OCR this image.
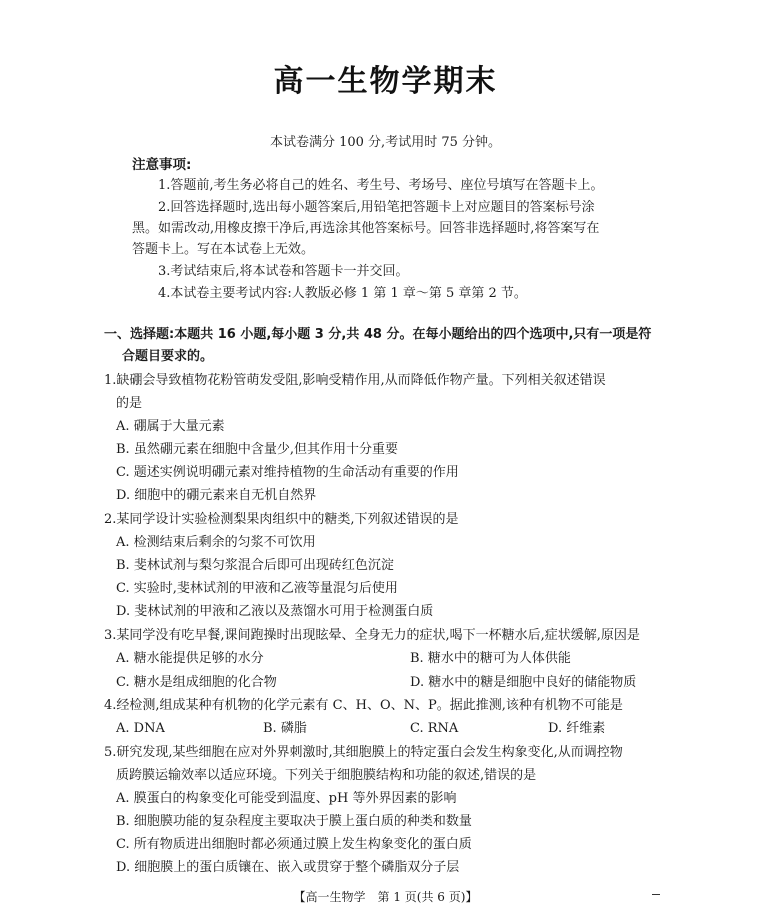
高一生物学期末
本试卷满分 100 分,考试用时 75 分钟。
注意事项:
1.答题前,考生务必将自己的姓名、考生号、考场号、座位号填写在答题卡上。
2.回答选择题时,选出每小题答案后,用铅笔把答题卡上对应题目的答案标号涂
黑。如需改动,用橡皮擦干净后,再选涂其他答案标号。回答非选择题时,将答案写在
答题卡上。写在本试卷上无效。
3.考试结束后,将本试卷和答题卡一并交回。
4.本试卷主要考试内容:人教版必修 1 第 1 章～第 5 章第 2 节。
一、选择题:本题共 16 小题,每小题 3 分,共 48 分。在每小题给出的四个选项中,只有一项是符
合题目要求的。
1.缺硼会导致植物花粉管萌发受阻,影响受精作用,从而降低作物产量。下列相关叙述错误
的是
A. 硼属于大量元素
B. 虽然硼元素在细胞中含量少,但其作用十分重要
C. 题述实例说明硼元素对维持植物的生命活动有重要的作用
D. 细胞中的硼元素来自无机自然界
2.某同学设计实验检测梨果肉组织中的糖类,下列叙述错误的是
A. 检测结束后剩余的匀浆不可饮用
B. 斐林试剂与梨匀浆混合后即可出现砖红色沉淀
C. 实验时,斐林试剂的甲液和乙液等量混匀后使用
D. 斐林试剂的甲液和乙液以及蒸馏水可用于检测蛋白质
3.某同学没有吃早餐,课间跑操时出现眩晕、全身无力的症状,喝下一杯糖水后,症状缓解,原因是
A. 糖水能提供足够的水分	B. 糖水中的糖可为人体供能
C. 糖水是组成细胞的化合物	D. 糖水中的糖是细胞中良好的储能物质
4.经检测,组成某种有机物的化学元素有 C、H、O、N、P。据此推测,该种有机物不可能是
A. DNA	B. 磷脂	C. RNA	D. 纤维素
5.研究发现,某些细胞在应对外界刺激时,其细胞膜上的特定蛋白会发生构象变化,从而调控物
质跨膜运输效率以适应环境。下列关于细胞膜结构和功能的叙述,错误的是
A. 膜蛋白的构象变化可能受到温度、pH 等外界因素的影响
B. 细胞膜功能的复杂程度主要取决于膜上蛋白质的种类和数量
C. 所有物质进出细胞时都必须通过膜上发生构象变化的蛋白质
D. 细胞膜上的蛋白质镶在、嵌入或贯穿于整个磷脂双分子层
【高一生物学　第 1 页(共 6 页)】
